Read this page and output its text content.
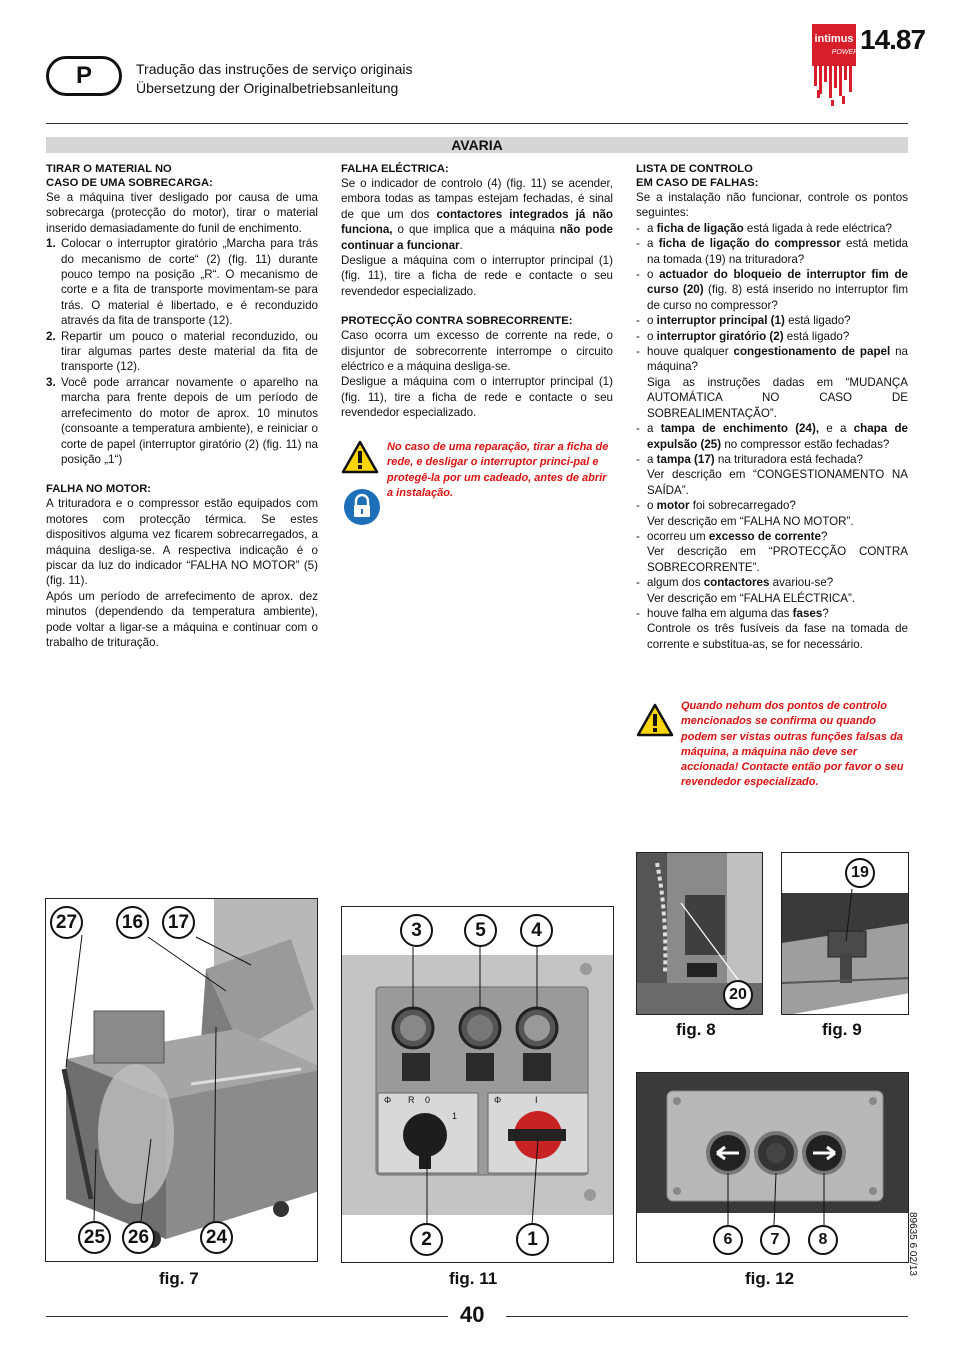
P	Tradução das instruções de serviço originais
Übersetzung der Originalbetriebsanleitung
intimus
POWER 14.87
AVARIA
TIRAR O MATERIAL NO
CASO DE UMA SOBRECARGA:

Se a máquina tiver desligado por causa de uma sobrecarga (protecção do motor), tirar o material inserido demasiadamente do funil de enchimento.

1. Colocar o interruptor giratório „Marcha para trás do mecanismo de corte“ (2) (fig. 11) durante pouco tempo na posição „R“. O mecanismo de corte e a fita de transporte movimentam-se para trás. O material é libertado, e é reconduzido através da fita de transporte (12).
2. Repartir um pouco o material reconduzido, ou tirar algumas partes deste material da fita de transporte (12).
3. Você pode arrancar novamente o aparelho na marcha para frente depois de um período de arrefecimento do motor de aprox. 10 minutos (consoante a temperatura ambiente), e reiniciar o corte de papel (interruptor giratório (2) (fig. 11) na posição „1“)
FALHA NO MOTOR:

A trituradora e o compressor estão equipados com motores com protecção térmica. Se estes dispositivos alguma vez ficarem sobrecarregados, a máquina desliga-se. A respectiva indicação é o piscar da luz do indicador “FALHA NO MOTOR” (5) (fig. 11).

Após um período de arrefecimento de aprox. dez minutos (dependendo da temperatura ambiente), pode voltar a ligar-se a máquina e continuar com o trabalho de trituração.

FALHA ELÉCTRICA:

Se o indicador de controlo (4) (fig. 11) se acender, embora todas as tampas estejam fechadas, é sinal de que um dos contactores integrados já não funciona, o que implica que a máquina não pode continuar a funcionar.

Desligue a máquina com o interruptor principal (1) (fig. 11), tire a ficha de rede e contacte o seu revendedor especializado.

PROTECÇÃO CONTRA SOBRECORRENTE:

Caso ocorra um excesso de corrente na rede, o disjuntor de sobrecorrente interrompe o circuito eléctrico e a máquina desliga-se.

Desligue a máquina com o interruptor principal (1) (fig. 11), tire a ficha de rede e contacte o seu revendedor especializado.

No caso de uma reparação, tirar a ficha de rede, e desligar o interruptor princi-pal e protegê-la por um cadeado, antes de abrir a instalação.
LISTA DE CONTROLO
EM CASO DE FALHAS:

Se a instalação não funcionar, controle os pontos seguintes:

- a ficha de ligação está ligada à rede eléctrica?
- a ficha de ligação do compressor está metida na tomada (19) na trituradora?
- o actuador do bloqueio de interruptor fim de curso (20) (fig. 8) está inserido no interruptor fim de curso no compressor?
- o interruptor principal (1) está ligado?
- o interruptor giratório (2) está ligado?
- houve qualquer congestionamento de papel na máquina?
Siga as instruções dadas em “MUDANÇA AUTOMÁTICA NO CASO DE SOBREALIMENTAÇÃO”.
- a tampa de enchimento (24), e a chapa de expulsão (25) no compressor estão fechadas?
- a tampa (17) na trituradora está fechada?
Ver descrição em “CONGESTIONAMENTO NA SAÍDA”.
- o motor foi sobrecarregado?
Ver descrição em “FALHA NO MOTOR”.
- ocorreu um excesso de corrente?
Ver descrição em “PROTECÇÃO CONTRA SOBRECORRENTE”.
- algum dos contactores avariou-se?
Ver descrição em “FALHA ELÉCTRICA”.
- houve falha em alguma das fases?
Controle os três fusíveis da fase na tomada de corrente e substitua-as, se for necessário.
Quando nehum dos pontos de controlo mencionados se confirma ou quando podem ser vistas outras funções falsas da máquina, a máquina não deve ser accionada! Contacte então por favor o seu revendedor especializado.
27	16	17
25	26	24
fig. 7
Φ R 0
1
Φ	I
3	5	4
2	1
fig. 11
20
fig. 8
19
fig. 9
6	7	8
fig. 12
89635 6 02/13
40
